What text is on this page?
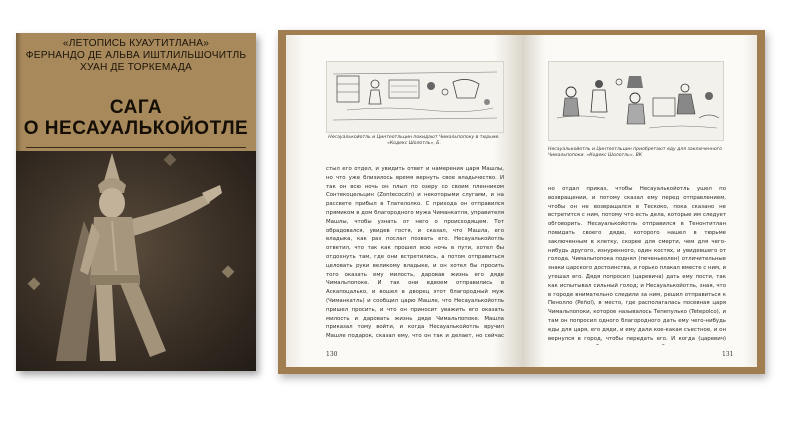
«ЛЕТОПИСЬ КУАУТИТЛАНА»
ФЕРНАНДО ДЕ АЛЬВА ИШТЛИЛЬШОЧИТЛЬ
ХУАН ДЕ ТОРКЕМАДА
САГА
О НЕСАУАЛЬКОЙОТЛЕ	Несауалькойотль и Цинтеотльцин покидают Чимальпопоку в тюрьме. «Кодекс Шолотль», Б.
стыл его отдел, и увидить ответ и намерения царя Машлы, но что уже близилось время вернуть свое владычество. И так он всю ночь он плыл по озеру со своим пленником Сонтекоцельцин (Zontecoczin) и некоторыми слугами, и на рассвете прибыл в Тлателолко. С прихода он отправился прямиком в дом благородного мужа Чиманкатля, управителя Машлы, чтобы узнать от него о происходящем. Тот обрадовался, увидев гостя, и сказал, что Машла, его владыка, как раз послал позвать его. Несауалькойотль ответил, что так как прошел всю ночь в пути, хотел бы отдохнуть там, где они встретились, а потом отправиться целовать руки великому владыке, и он хотел бы просить того оказать ему милость, даровав жизнь его дяде Чимальпопоке. И так они вдвоем отправились в Аскапоцалько, и вошел в дворец этот благородный муж (Чиманкатль) и сообщил царю Машле, что Несауалькойотль пришел просить, и что он приносит уважить его оказать милость и даровать жизнь дяде Чимальпопоке. Машла приказал тому войти, и когда Несауалькойотль вручил Машле подарок, сказал ему, что он так и делает, но сейчас
130
Несауалькойотль и Цинтеотльцин приобретают еду для заключенного Чимальпопоки. «Кодекс Шолотль», ВК
но отдал приказ, чтобы Несауалькойотль ушел по возвращении, и потому сказал ему перед отправлением, чтобы он не возвращался в Тескоко, пока сказано не встретится с ним, потому что есть дела, которые им следует обговорить. Несауалькойотль отправился в Тенонтитлан повидать своего дядю, которого нашел в тюрьме заключенным в клетку, скорее для смерти, чем для чего-нибудь другого, изнуренного, один костях, и увидевшего от голода. Чимальпопока поднял (печеньеолен) отличительные знаки царского достоинства, и горько плакал вместе с ним, и утешал его. Дядя попросил (царевича) дать ему пости, так как испытывал сильный голод; и Несауалькойотль, зная, что в городе внимательно следили за ним, решил отправиться к Пенолло (Peñol), в место, где располагалась посевная царя Чимальпопоки, которое называлось Тепепулько (Tetepolco), и там он попросил одного благородного дать ему чего-нибудь еды для царя, его дяди, и ему дали кое-какая съестное, и он вернулся в город, чтобы передать его. И когда (царевич)
131
